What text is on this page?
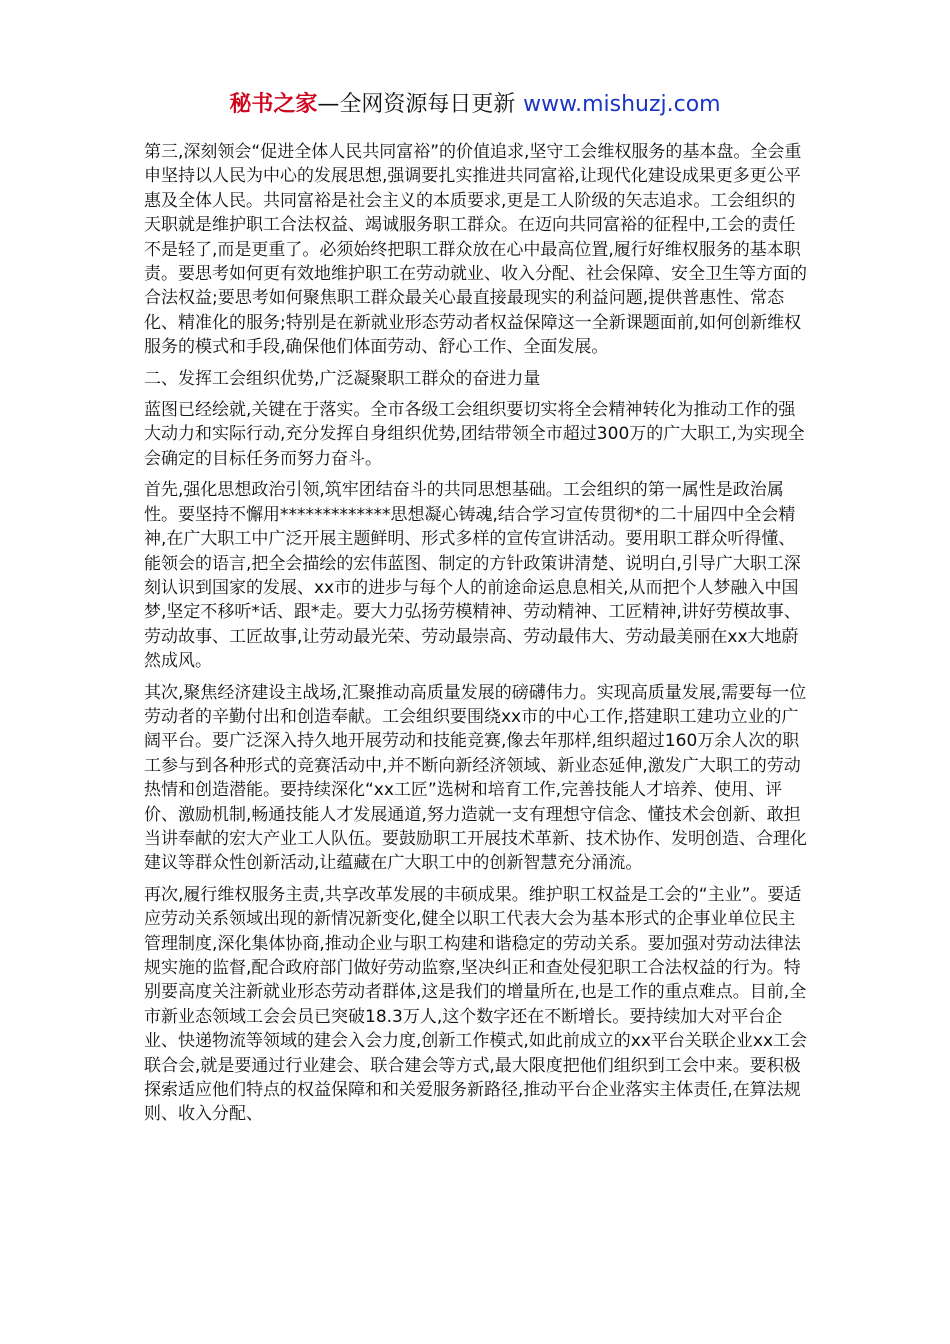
秘书之家—全网资源每日更新 www.mishuzj.com

第三,深刻领会“促进全体人民共同富裕”的价值追求,坚守工会维权服务的基本盘。全会重申坚持以人民为中心的发展思想,强调要扎实推进共同富裕,让现代化建设成果更多更公平惠及全体人民。共同富裕是社会主义的本质要求,更是工人阶级的矢志追求。工会组织的天职就是维护职工合法权益、竭诚服务职工群众。在迈向共同富裕的征程中,工会的责任不是轻了,而是更重了。必须始终把职工群众放在心中最高位置,履行好维权服务的基本职责。要思考如何更有效地维护职工在劳动就业、收入分配、社会保障、安全卫生等方面的合法权益;要思考如何聚焦职工群众最关心最直接最现实的利益问题,提供普惠性、常态化、精准化的服务;特别是在新就业形态劳动者权益保障这一全新课题面前,如何创新维权服务的模式和手段,确保他们体面劳动、舒心工作、全面发展。

二、发挥工会组织优势,广泛凝聚职工群众的奋进力量

蓝图已经绘就,关键在于落实。全市各级工会组织要切实将全会精神转化为推动工作的强大动力和实际行动,充分发挥自身组织优势,团结带领全市超过300万的广大职工,为实现全会确定的目标任务而努力奋斗。

首先,强化思想政治引领,筑牢团结奋斗的共同思想基础。工会组织的第一属性是政治属性。要坚持不懈用*************思想凝心铸魂,结合学习宣传贯彻*的二十届四中全会精神,在广大职工中广泛开展主题鲜明、形式多样的宣传宣讲活动。要用职工群众听得懂、能领会的语言,把全会描绘的宏伟蓝图、制定的方针政策讲清楚、说明白,引导广大职工深刻认识到国家的发展、xx市的进步与每个人的前途命运息息相关,从而把个人梦融入中国梦,坚定不移听*话、跟*走。要大力弘扬劳模精神、劳动精神、工匠精神,讲好劳模故事、劳动故事、工匠故事,让劳动最光荣、劳动最崇高、劳动最伟大、劳动最美丽在xx大地蔚然成风。

其次,聚焦经济建设主战场,汇聚推动高质量发展的磅礴伟力。实现高质量发展,需要每一位劳动者的辛勤付出和创造奉献。工会组织要围绕xx市的中心工作,搭建职工建功立业的广阔平台。要广泛深入持久地开展劳动和技能竞赛,像去年那样,组织超过160万余人次的职工参与到各种形式的竞赛活动中,并不断向新经济领域、新业态延伸,激发广大职工的劳动热情和创造潜能。要持续深化“xx工匠”选树和培育工作,完善技能人才培养、使用、评价、激励机制,畅通技能人才发展通道,努力造就一支有理想守信念、懂技术会创新、敢担当讲奉献的宏大产业工人队伍。要鼓励职工开展技术革新、技术协作、发明创造、合理化建议等群众性创新活动,让蕴藏在广大职工中的创新智慧充分涌流。

再次,履行维权服务主责,共享改革发展的丰硕成果。维护职工权益是工会的“主业”。要适应劳动关系领域出现的新情况新变化,健全以职工代表大会为基本形式的企事业单位民主管理制度,深化集体协商,推动企业与职工构建和谐稳定的劳动关系。要加强对劳动法律法规实施的监督,配合政府部门做好劳动监察,坚决纠正和查处侵犯职工合法权益的行为。特别要高度关注新就业形态劳动者群体,这是我们的增量所在,也是工作的重点难点。目前,全市新业态领域工会会员已突破18.3万人,这个数字还在不断增长。要持续加大对平台企业、快递物流等领域的建会入会力度,创新工作模式,如此前成立的xx平台关联企业xx工会联合会,就是要通过行业建会、联合建会等方式,最大限度把他们组织到工会中来。要积极探索适应他们特点的权益保障和和关爱服务新路径,推动平台企业落实主体责任,在算法规则、收入分配、
